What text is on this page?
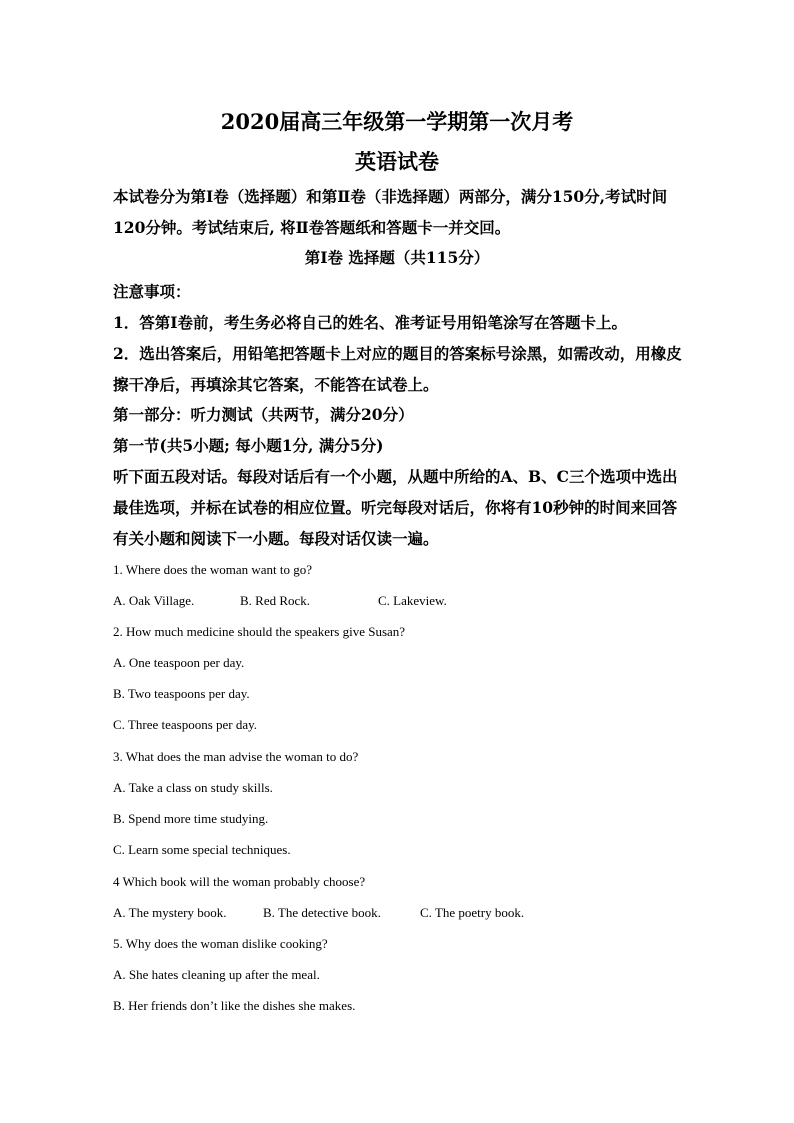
2020届高三年级第一学期第一次月考
英语试卷
本试卷分为第Ⅰ卷（选择题）和第Ⅱ卷（非选择题）两部分，满分150分,考试时间120分钟。考试结束后, 将Ⅱ卷答题纸和答题卡一并交回。
第Ⅰ卷 选择题（共115分）
注意事项：
1．答第Ⅰ卷前，考生务必将自己的姓名、准考证号用铅笔涂写在答题卡上。
2．选出答案后，用铅笔把答题卡上对应的题目的答案标号涂黑，如需改动，用橡皮擦干净后，再填涂其它答案，不能答在试卷上。
第一部分：听力测试（共两节，满分20分）
第一节(共5小题; 每小题1分, 满分5分)
听下面五段对话。每段对话后有一个小题，从题中所给的A、B、C三个选项中选出最佳选项，并标在试卷的相应位置。听完每段对话后，你将有10秒钟的时间来回答有关小题和阅读下一小题。每段对话仅读一遍。
1. Where does the woman want to go?
A. Oak Village.	B. Red Rock.	C. Lakeview.
2. How much medicine should the speakers give Susan?
A. One teaspoon per day.
B. Two teaspoons per day.
C. Three teaspoons per day.
3. What does the man advise the woman to do?
A. Take a class on study skills.
B. Spend more time studying.
C. Learn some special techniques.
4 Which book will the woman probably choose?
A. The mystery book.	B. The detective book.	C. The poetry book.
5. Why does the woman dislike cooking?
A. She hates cleaning up after the meal.
B. Her friends don’t like the dishes she makes.
